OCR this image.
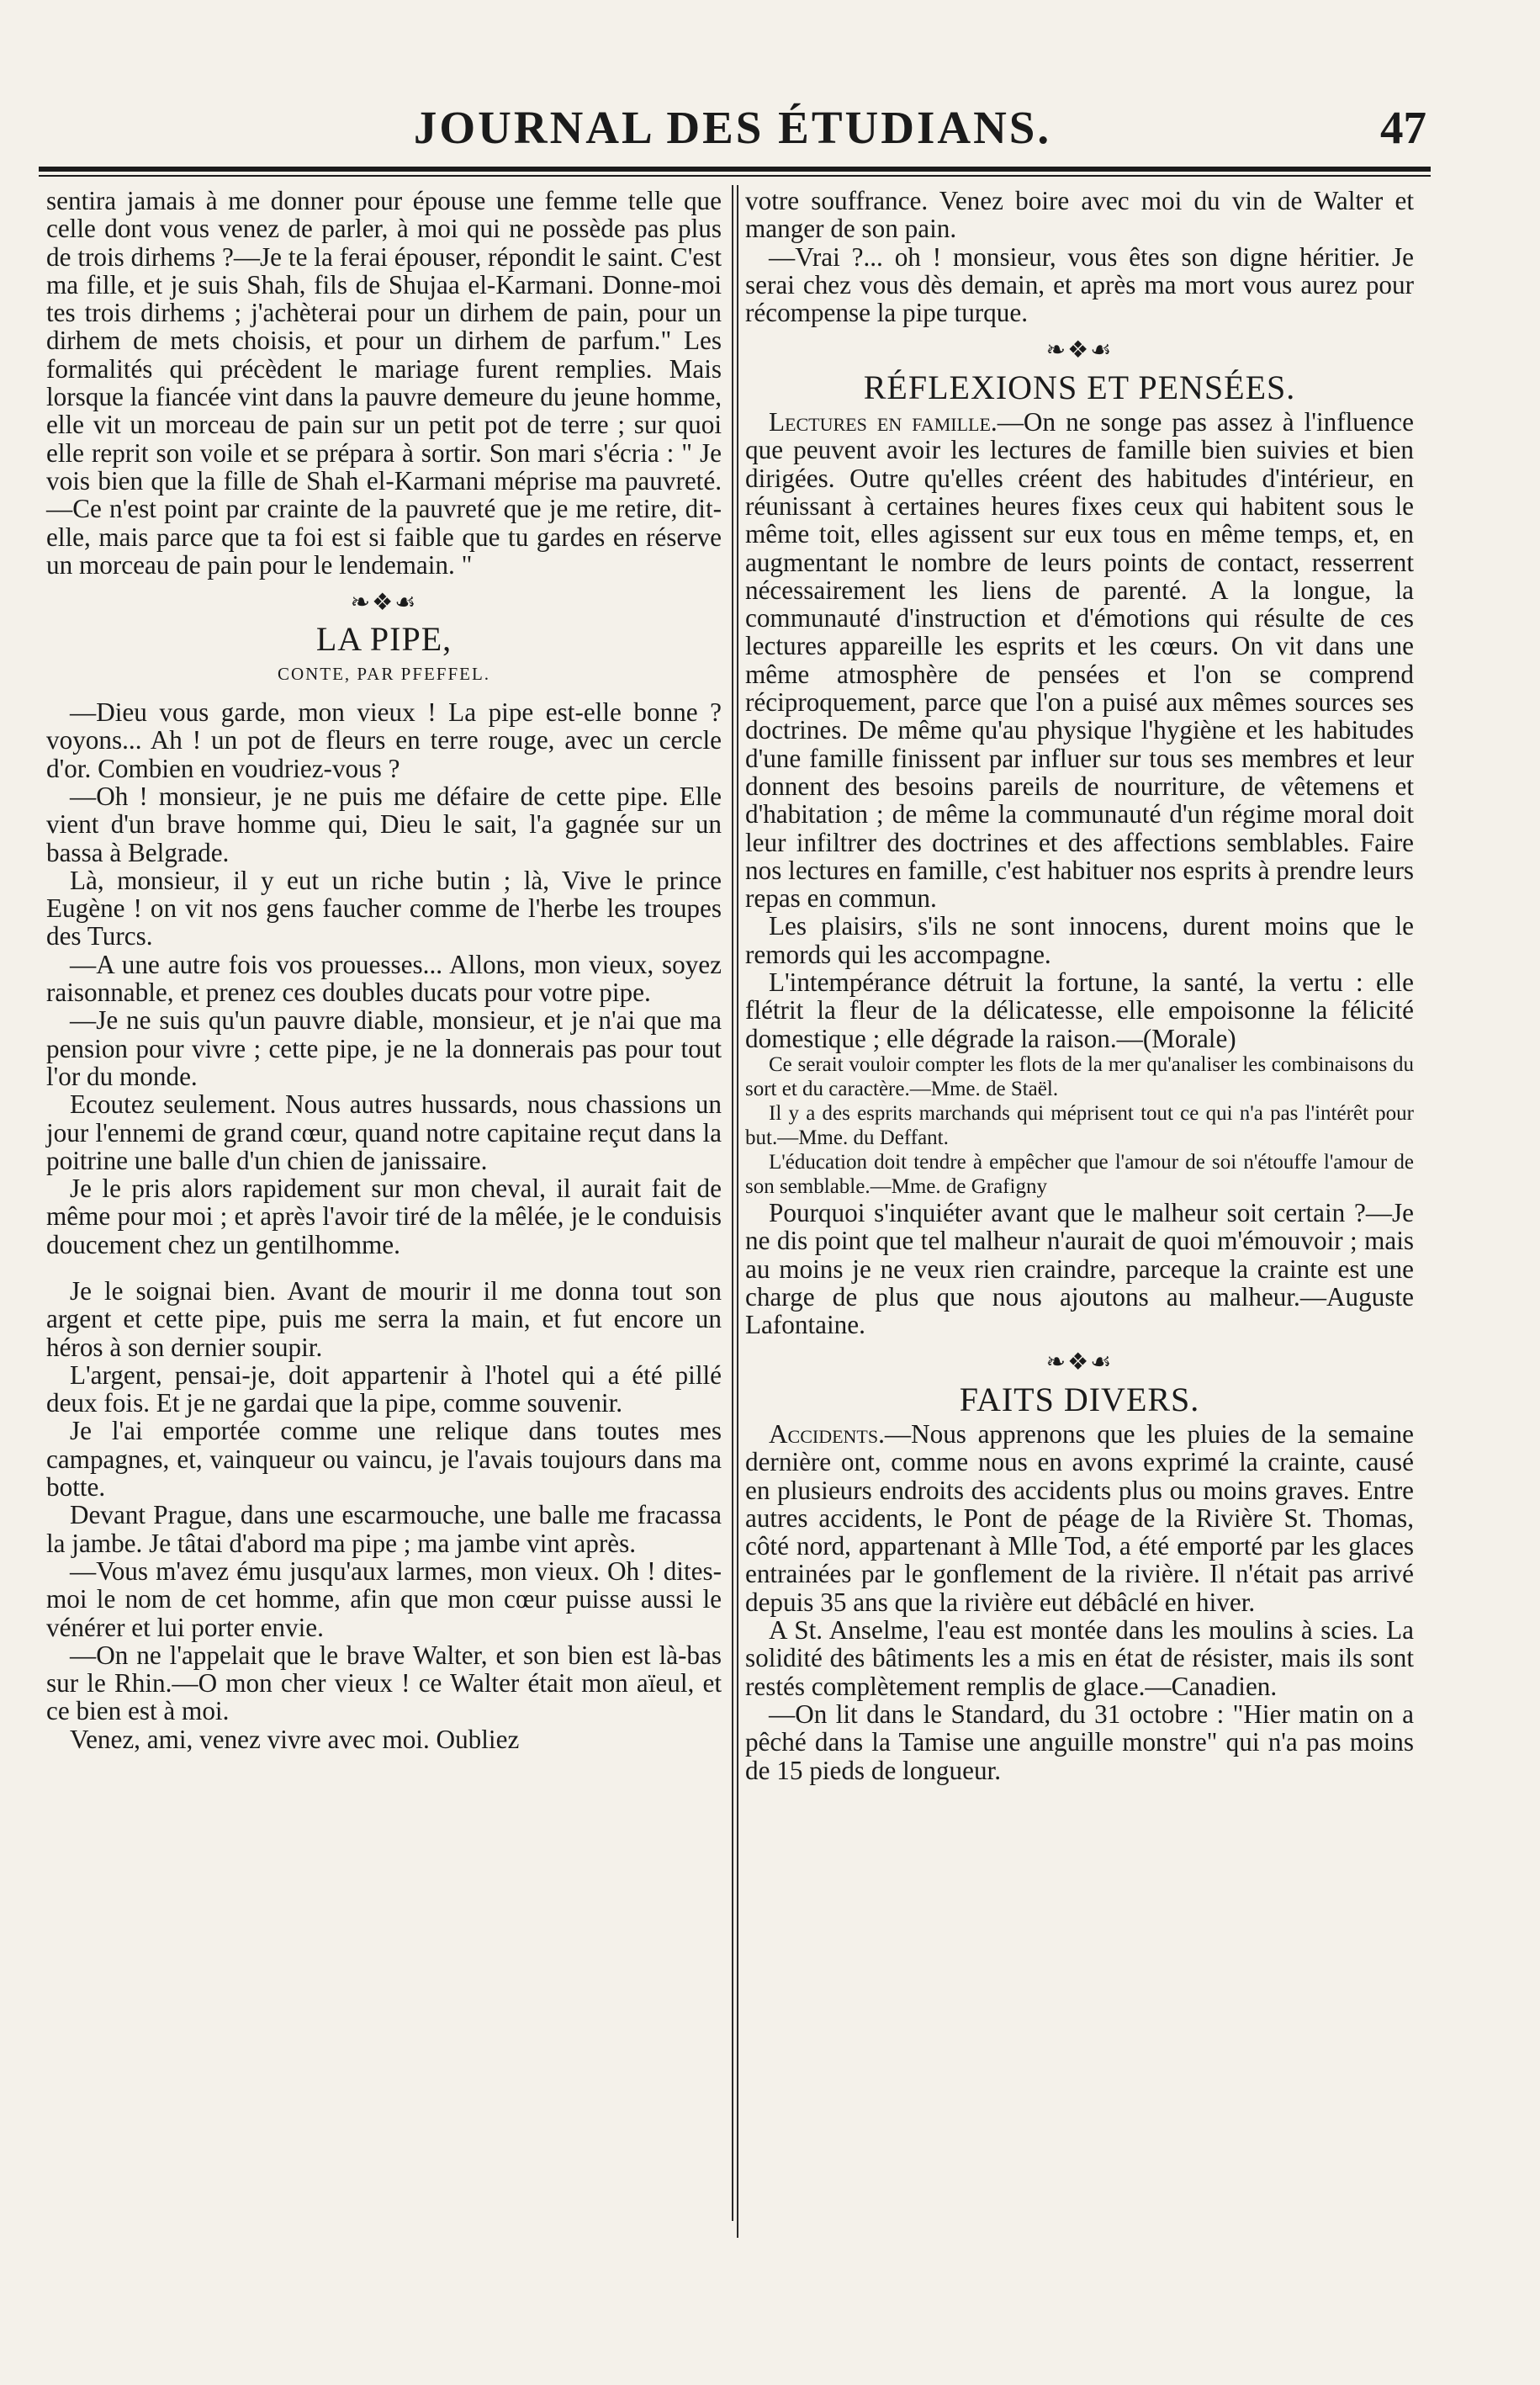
JOURNAL DES ÉTUDIANS.	47

sentira jamais à me donner pour épouse une femme telle que celle dont vous venez de parler, à moi qui ne possède pas plus de trois dirhems ?—Je te la ferai épouser, répondit le saint. C'est ma fille, et je suis Shah, fils de Shujaa el-Karmani. Donne-moi tes trois dirhems ; j'achèterai pour un dirhem de pain, pour un dirhem de mets choisis, et pour un dirhem de parfum." Les formalités qui précèdent le mariage furent remplies. Mais lorsque la fiancée vint dans la pauvre demeure du jeune homme, elle vit un morceau de pain sur un petit pot de terre ; sur quoi elle reprit son voile et se prépara à sortir. Son mari s'écria : " Je vois bien que la fille de Shah el-Karmani méprise ma pauvreté.—Ce n'est point par crainte de la pauvreté que je me retire, dit-elle, mais parce que ta foi est si faible que tu gardes en réserve un morceau de pain pour le lendemain. "

❧❖☙
LA PIPE,
CONTE, PAR PFEFFEL.

—Dieu vous garde, mon vieux ! La pipe est-elle bonne ? voyons... Ah ! un pot de fleurs en terre rouge, avec un cercle d'or. Combien en voudriez-vous ?

—Oh ! monsieur, je ne puis me défaire de cette pipe. Elle vient d'un brave homme qui, Dieu le sait, l'a gagnée sur un bassa à Belgrade.

Là, monsieur, il y eut un riche butin ; là, Vive le prince Eugène ! on vit nos gens faucher comme de l'herbe les troupes des Turcs.

—A une autre fois vos prouesses... Allons, mon vieux, soyez raisonnable, et prenez ces doubles ducats pour votre pipe.

—Je ne suis qu'un pauvre diable, monsieur, et je n'ai que ma pension pour vivre ; cette pipe, je ne la donnerais pas pour tout l'or du monde.

Ecoutez seulement. Nous autres hussards, nous chassions un jour l'ennemi de grand cœur, quand notre capitaine reçut dans la poitrine une balle d'un chien de janissaire.

Je le pris alors rapidement sur mon cheval, il aurait fait de même pour moi ; et après l'avoir tiré de la mêlée, je le conduisis doucement chez un gentilhomme.

Je le soignai bien. Avant de mourir il me donna tout son argent et cette pipe, puis me serra la main, et fut encore un héros à son dernier soupir.

L'argent, pensai-je, doit appartenir à l'hotel qui a été pillé deux fois. Et je ne gardai que la pipe, comme souvenir.

Je l'ai emportée comme une relique dans toutes mes campagnes, et, vainqueur ou vaincu, je l'avais toujours dans ma botte.

Devant Prague, dans une escarmouche, une balle me fracassa la jambe. Je tâtai d'abord ma pipe ; ma jambe vint après.

—Vous m'avez ému jusqu'aux larmes, mon vieux. Oh ! dites-moi le nom de cet homme, afin que mon cœur puisse aussi le vénérer et lui porter envie.

—On ne l'appelait que le brave Walter, et son bien est là-bas sur le Rhin.—O mon cher vieux ! ce Walter était mon aïeul, et ce bien est à moi.

Venez, ami, venez vivre avec moi. Oubliez

votre souffrance. Venez boire avec moi du vin de Walter et manger de son pain.

—Vrai ?... oh ! monsieur, vous êtes son digne héritier. Je serai chez vous dès demain, et après ma mort vous aurez pour récompense la pipe turque.

❧❖☙
RÉFLEXIONS ET PENSÉES.

Lectures en famille.—On ne songe pas assez à l'influence que peuvent avoir les lectures de famille bien suivies et bien dirigées. Outre qu'elles créent des habitudes d'intérieur, en réunissant à certaines heures fixes ceux qui habitent sous le même toit, elles agissent sur eux tous en même temps, et, en augmentant le nombre de leurs points de contact, resserrent nécessairement les liens de parenté. A la longue, la communauté d'instruction et d'émotions qui résulte de ces lectures appareille les esprits et les cœurs. On vit dans une même atmosphère de pensées et l'on se comprend réciproquement, parce que l'on a puisé aux mêmes sources ses doctrines. De même qu'au physique l'hygiène et les habitudes d'une famille finissent par influer sur tous ses membres et leur donnent des besoins pareils de nourriture, de vêtemens et d'habitation ; de même la communauté d'un régime moral doit leur infiltrer des doctrines et des affections semblables. Faire nos lectures en famille, c'est habituer nos esprits à prendre leurs repas en commun.

Les plaisirs, s'ils ne sont innocens, durent moins que le remords qui les accompagne.

L'intempérance détruit la fortune, la santé, la vertu : elle flétrit la fleur de la délicatesse, elle empoisonne la félicité domestique ; elle dégrade la raison.—(Morale)

Ce serait vouloir compter les flots de la mer qu'analiser les combinaisons du sort et du caractère.—Mme. de Staël.

Il y a des esprits marchands qui méprisent tout ce qui n'a pas l'intérêt pour but.—Mme. du Deffant.

L'éducation doit tendre à empêcher que l'amour de soi n'étouffe l'amour de son semblable.—Mme. de Grafigny

Pourquoi s'inquiéter avant que le malheur soit certain ?—Je ne dis point que tel malheur n'aurait de quoi m'émouvoir ; mais au moins je ne veux rien craindre, parceque la crainte est une charge de plus que nous ajoutons au malheur.—Auguste Lafontaine.

❧❖☙
FAITS DIVERS.

Accidents.—Nous apprenons que les pluies de la semaine dernière ont, comme nous en avons exprimé la crainte, causé en plusieurs endroits des accidents plus ou moins graves. Entre autres accidents, le Pont de péage de la Rivière St. Thomas, côté nord, appartenant à Mlle Tod, a été emporté par les glaces entrainées par le gonflement de la rivière. Il n'était pas arrivé depuis 35 ans que la rivière eut débâclé en hiver.

A St. Anselme, l'eau est montée dans les moulins à scies. La solidité des bâtiments les a mis en état de résister, mais ils sont restés complètement remplis de glace.—Canadien.

—On lit dans le Standard, du 31 octobre : "Hier matin on a pêché dans la Tamise une anguille monstre" qui n'a pas moins de 15 pieds de longueur.
